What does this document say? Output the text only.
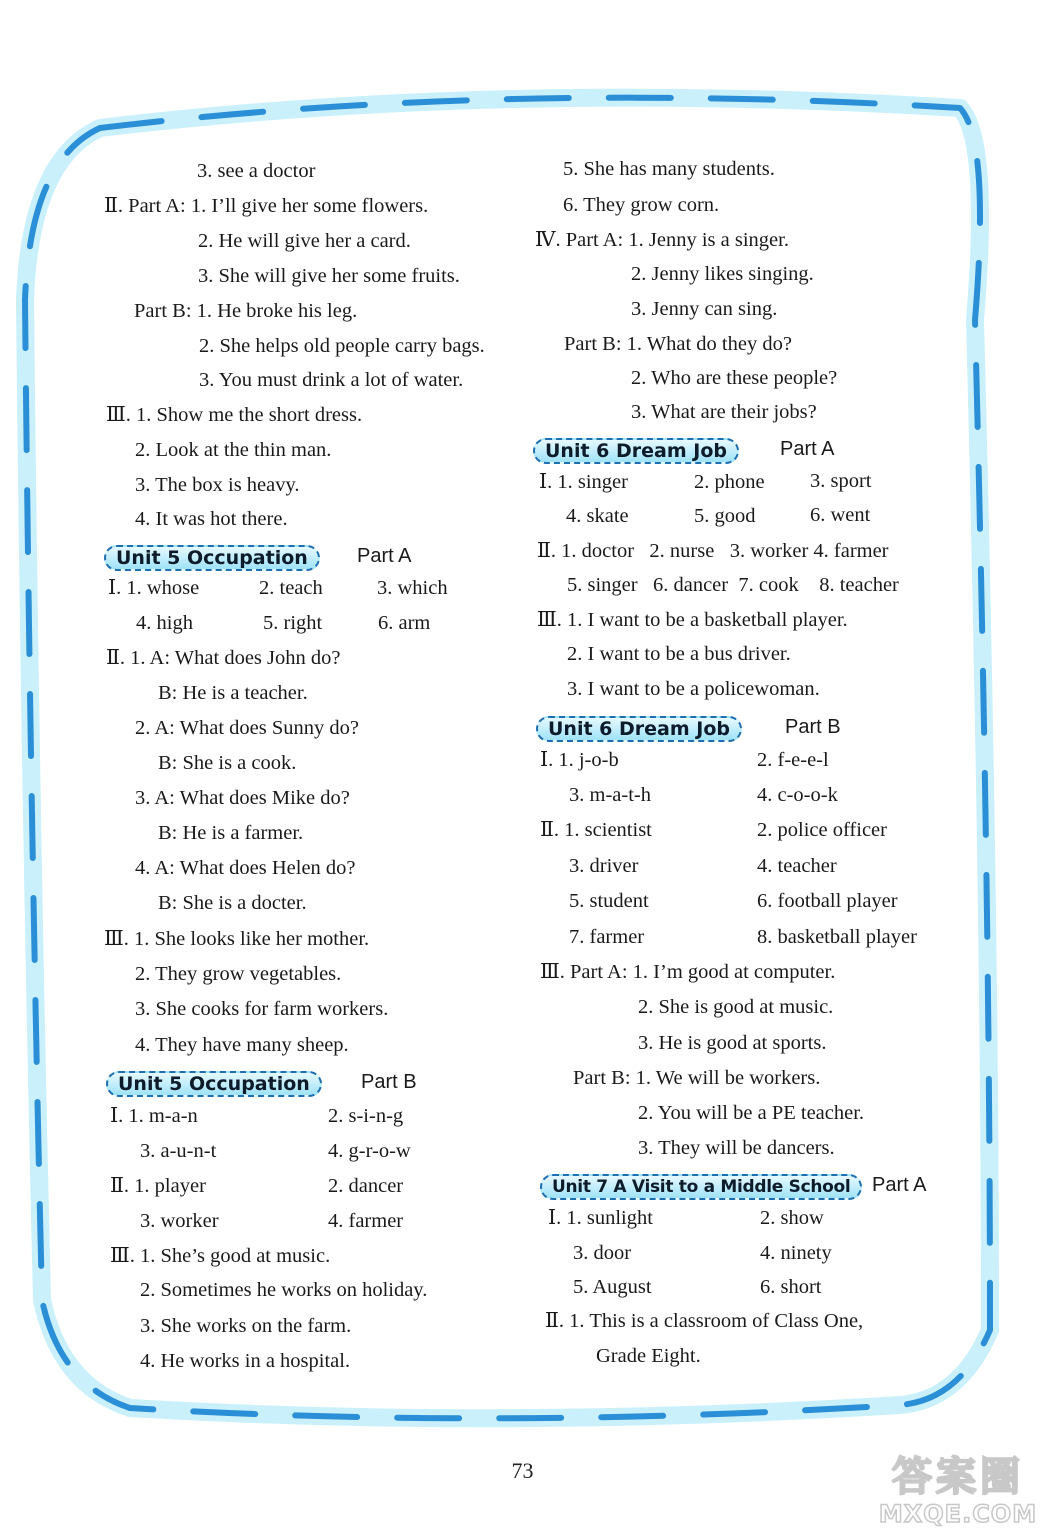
3. see a doctor
Ⅱ. Part A: 1. I’ll give her some flowers.
2. He will give her a card.
3. She will give her some fruits.
Part B: 1. He broke his leg.
2. She helps old people carry bags.
3. You must drink a lot of water.
Ⅲ. 1. Show me the short dress.
2. Look at the thin man.
3. The box is heavy.
4. It was hot there.
Unit 5 Occupation	Part A
Ⅰ. 1. whose	2. teach	3. which
4. high	5. right	6. arm
Ⅱ. 1. A: What does John do?
B: He is a teacher.
2. A: What does Sunny do?
B: She is a cook.
3. A: What does Mike do?
B: He is a farmer.
4. A: What does Helen do?
B: She is a docter.
Ⅲ. 1. She looks like her mother.
2. They grow vegetables.
3. She cooks for farm workers.
4. They have many sheep.
Unit 5 Occupation	Part B
Ⅰ. 1. m-a-n	2. s-i-n-g
3. a-u-n-t	4. g-r-o-w
Ⅱ. 1. player	2. dancer
3. worker	4. farmer
Ⅲ. 1. She’s good at music.
2. Sometimes he works on holiday.
3. She works on the farm.
4. He works in a hospital.
5. She has many students.
6. They grow corn.
Ⅳ. Part A: 1. Jenny is a singer.
2. Jenny likes singing.
3. Jenny can sing.
Part B: 1. What do they do?
2. Who are these people?
3. What are their jobs?
Unit 6 Dream Job	Part A
Ⅰ. 1. singer	2. phone 3. sport
4. skate	5. good	6. went
Ⅱ. 1. doctor   2. nurse   3. worker 4. farmer
5. singer   6. dancer  7. cook    8. teacher
Ⅲ. 1. I want to be a basketball player.
2. I want to be a bus driver.
3. I want to be a policewoman.
Unit 6 Dream Job	Part B
Ⅰ. 1. j-o-b	2. f-e-e-l
3. m-a-t-h	4. c-o-o-k
Ⅱ. 1. scientist	2. police officer
3. driver	4. teacher
5. student	6. football player
7. farmer	8. basketball player
Ⅲ. Part A: 1. I’m good at computer.
2. She is good at music.
3. He is good at sports.
Part B: 1. We will be workers.
2. You will be a PE teacher.
3. They will be dancers.
Unit 7 A Visit to a Middle School	Part A
Ⅰ. 1. sunlight	2. show
3. door	4. ninety
5. August	6. short
Ⅱ. 1. This is a classroom of Class One,
Grade Eight.
73	答案圈
MXQE.COM
